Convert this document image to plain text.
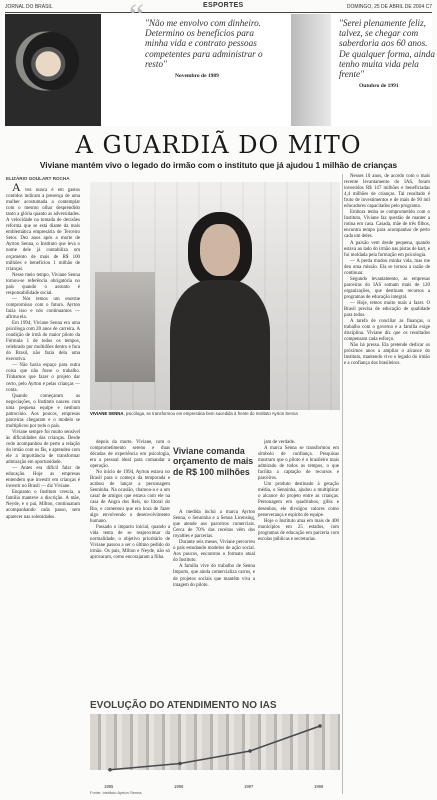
JORNAL DO BRASIL	ESPORTES	DOMINGO, 25 DE ABRIL DE 2004 C7
“ "Não me envolvo com dinheiro. Determino os benefícios para minha vida e contrato pessoas competentes para administrar o resto"
Novembro de 1989
"Serei plenamente feliz, talvez, se chegar com saberdoria aos 60 anos. De qualquer forma, ainda tenho muita vida pela frente"
Outubro de 1991
A GUARDIÃ DO MITO
Viviane mantém vivo o legado do irmão com o instituto que já ajudou 1 milhão de crianças
ELIZÁRIO GOULART ROCHA

A vez nunca é em gastos contidos indicam a presença de uma mulher acostumada a contemplar com o mesmo olhar desprendido tanto a glória quanto as adversidades. A velocidade na tomada de decisões reforma que se está diante da mais emblemática empresária de Terceiro Setor. Dez anos após a morte de Ayrton Senna, o Instituto que leva o nome dele já contabiliza um orçamento de mais de R$ 100 milhões e beneficiou 1 milhão de crianças.

Nesse meio tempo, Viviane Senna tornou-se referência obrigatória no país quando o assunto é responsabilidade social.

— Nós temos um enorme compromisso com o futuro. Ayrton fazia isso e nós continuamos — afirma ela.

Em 1994, Viviane Senna era uma psicóloga com 20 anos de carreira. A condição de irmã do maior piloto da Fórmula 1 de todos os tempos, celebrado por multidões dentro e fora do Brasil, não fazia dela uma executiva.

— Não havia espaço para outra coisa que não fosse o trabalho. Tínhamos que fazer o projeto dar certo, pelo Ayrton e pelas crianças — conta.

Quando começaram as negociações, o Instituto nasceu com uma pequena equipe e nenhum patrocínio. Aos poucos, empresas parceiras chegaram e o modelo se multiplicou por todo o país.

Viviane sempre foi muito sensível às dificuldades das crianças. Desde cedo acompanhou de perto a relação do irmão com os fãs, e aprendeu com ele a importância de transformar admiração em oportunidade.

— Antes era difícil falar de educação. Hoje as empresas entendem que investir em crianças é investir no Brasil — diz Viviane.

Enquanto o Instituto crescia, a família manteve a discrição. A mãe, Neyde, e o pai, Milton, continuaram acompanhando cada passo, sem aparecer nas solenidades.

VIVIANE SENNA, psicóloga, se transformou em empresária bem sucedida à frente do Instituto Ayrton Senna

depois da morte. Viviane, com o comprometimento sereno e duas décadas de experiência em psicologia, era a pessoal ideal para comandar a operação.

No início de 1994, Ayrton estava no Brasil para o começo da temporada e acabou de lançar a personagem Senninha. Na ocasião, chamou-a e a um casal de amigos que estava com ele na casa de Angra dos Reis, no litoral do Rio, e comentou que era hora de fazer algo envolvendo o desenvolvimento humano.

Passado o impacto inicial, quando a vida tenta de se reaproximar da normalidade, o objetivo prioritário de Viviane passou a ser o último pedido do irmão. Os pais, Milton e Neyde, não só aprovaram, como encorajaram a filha.

Viviane comanda orçamento de mais de R$ 100 milhões

A medida inclui a marca Ayrton Senna, o Senninha e a Senna Licensing, que atende aos parceiros comerciais. Cerca de 70% das receitas vêm dos royalties e parcerias.

Durante seis meses, Viviane percorreu o país estudando modelos de ação social. Aos poucos, encontrou o formato atual do Instituto.

A família vive do trabalho de Senna Imports, que ainda comercializa carros, e de projetos sociais que mantêm viva a imagem do piloto.

jam de verdade.

A marca Senna se transformou em símbolo de confiança. Pesquisas mostram que o piloto é o brasileiro mais admirado de todos os tempos, o que facilita a captação de recursos e parceiros.

Um produto destinado à geração média, o Senninha, ajudou a multiplicar o alcance do projeto entre as crianças. Personagem em quadrinhos, gibis e desenhos, ele divulgou valores como perseverança e espírito de equipe.

Hoje o Instituto atua em mais de 400 municípios em 25 estados, com programas de educação em parceria com escolas públicas e secretarias.

Nesses 10 anos, de acordo com o mais recente levantamento do IAS, foram investidos R$ 147 milhões e beneficiadas 4,4 milhões de crianças. Tal resultado é fruto de investimentos e de mais de 90 mil educadores capacitados pelo programa.

Embora tenha se comprometido com o Instituto, Viviane faz questão de manter a rotina em casa. Casada, mãe de três filhos, encontra tempo para acompanhar de perto cada um deles.

A paixão vem desde pequena, quando estava ao lado do irmão nas pistas de kart, e foi moldada pela formação em psicologia.

— A perda mudou minha vida, mas me deu uma missão. Ela se tornou a razão de continuar.

Segundo levantamento, as empresas parceiras do IAS somam mais de 120 organizações, que destinam recursos a programas de educação integral.

— Hoje, temos muito mais a fazer. O Brasil precisa de educação de qualidade para todos.

A tarefa de conciliar as finanças, o trabalho com o governo e a família exige disciplina. Viviane diz que os resultados compensam cada esforço.

Não há pressa. Ela pretende dedicar os próximos anos a ampliar o alcance do Instituto, mantendo vivo o legado do irmão e a confiança dos brasileiros.

EVOLUÇÃO DO ATENDIMENTO NO IAS
1995	1996	1997	1998
Fonte: Instituto Ayrton Senna
